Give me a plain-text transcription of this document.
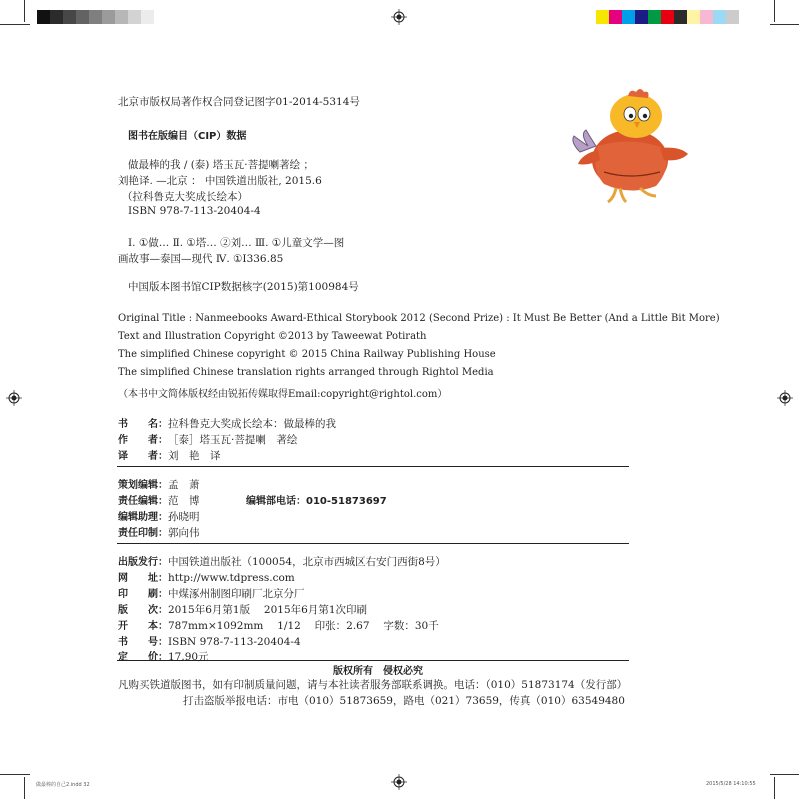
北京市版权局著作权合同登记图字01-2014-5314号
图书在版编目（CIP）数据
做最棒的我 / (泰) 塔玉瓦·菩提喇著绘 ；
刘艳译. —北京 ： 中国铁道出版社, 2015.6
（拉科鲁克大奖成长绘本）
ISBN 978-7-113-20404-4
Ⅰ. ①做… Ⅱ. ①塔… ②刘… Ⅲ. ①儿童文学—图
画故事—泰国—现代 Ⅳ. ①I336.85
中国版本图书馆CIP数据核字(2015)第100984号
Original Title : Nanmeebooks Award-Ethical Storybook 2012 (Second Prize) : It Must Be Better (And a Little Bit More)
Text and Illustration Copyright ©2013 by Taweewat Potirath
The simplified Chinese copyright © 2015 China Railway Publishing House
The simplified Chinese translation rights arranged through Rightol Media
（本书中文简体版权经由锐拓传媒取得Email:copyright@rightol.com）
书　　名：拉科鲁克大奖成长绘本：做最棒的我
作　　者：［泰］塔玉瓦·菩提喇　著绘
译　　者：刘　艳　译
策划编辑：孟　萧
责任编辑：范　博	编辑部电话：010-51873697
编辑助理：孙晓明
责任印制：郭向伟
出版发行：中国铁道出版社（100054，北京市西城区右安门西街8号）
网　　址：http://www.tdpress.com
印　　刷：中煤涿州制图印刷厂北京分厂
版　　次：2015年6月第1版　 2015年6月第1次印刷
开　　本：787mm×1092mm　 1/12　 印张：2.67　 字数：30千
书　　号：ISBN 978-7-113-20404-4
定　　价：17.90元
版权所有　侵权必究
凡购买铁道版图书，如有印制质量问题，请与本社读者服务部联系调换。电话：（010）51873174（发行部）
打击盗版举报电话：市电（010）51873659，路电（021）73659，传真（010）63549480
做最棒的自己2.indd 32	2015/5/28 14:10:55
